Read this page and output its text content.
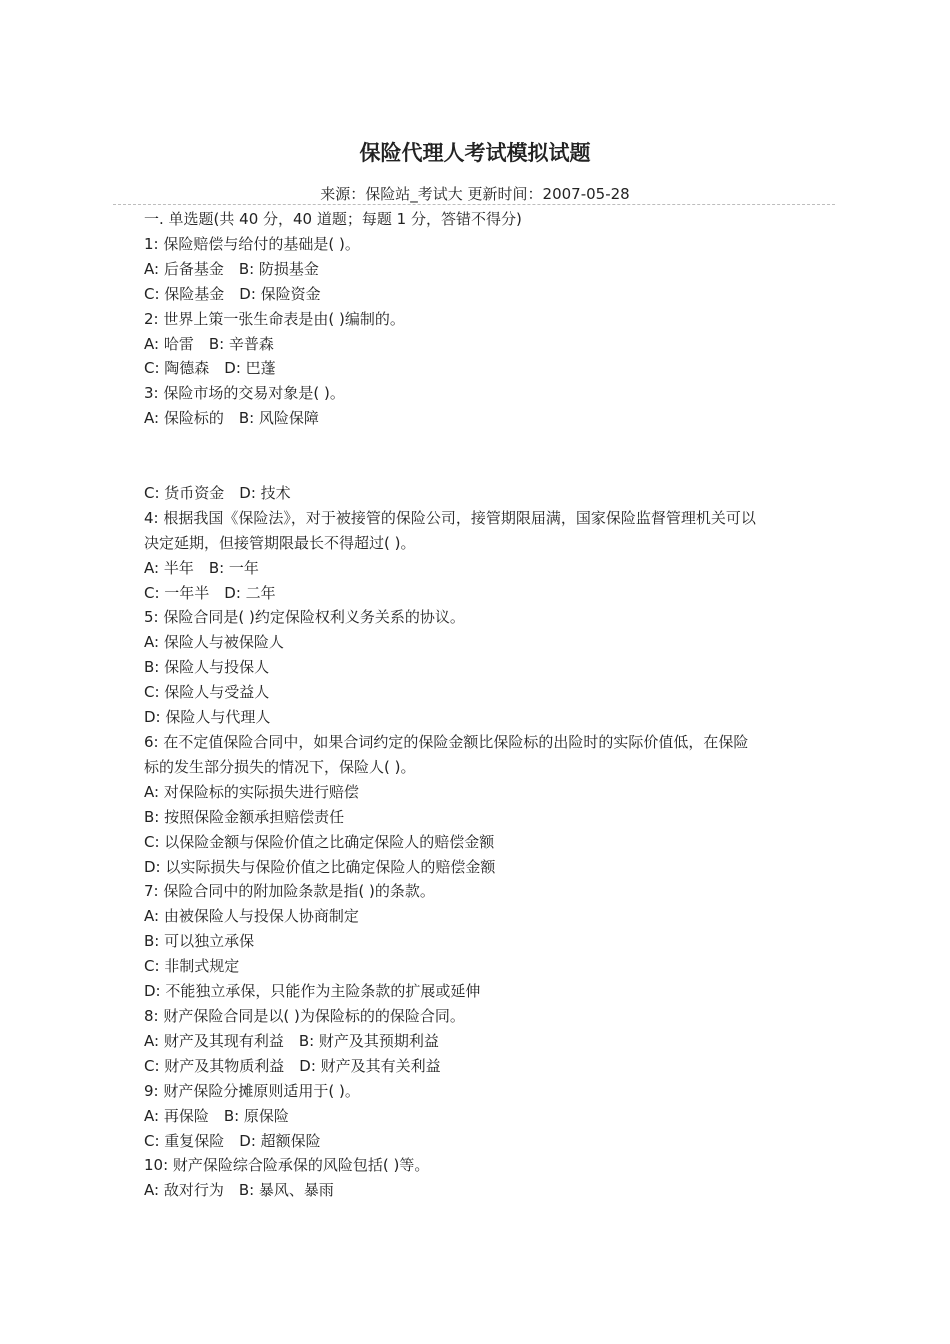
保险代理人考试模拟试题
来源：保险站_考试大 更新时间：2007-05-28

一. 单选题(共 40 分，40 道题；每题 1 分，答错不得分)

1: 保险赔偿与给付的基础是( )。

A: 后备基金　B: 防损基金

C: 保险基金　D: 保险资金

2: 世界上策一张生命表是由( )编制的。

A: 哈雷　B: 辛普森

C: 陶德森　D: 巴蓬

3: 保险市场的交易对象是( )。

A: 保险标的　B: 风险保障

C: 货币资金　D: 技术

4: 根据我国《保险法》，对于被接管的保险公司，接管期限届满，国家保险监督管理机关可以

决定延期，但接管期限最长不得超过( )。

A: 半年　B: 一年

C: 一年半　D: 二年

5: 保险合同是( )约定保险权利义务关系的协议。

A: 保险人与被保险人

B: 保险人与投保人

C: 保险人与受益人

D: 保险人与代理人

6: 在不定值保险合同中，如果合词约定的保险金额比保险标的出险时的实际价值低，在保险

标的发生部分损失的情况下，保险人( )。

A: 对保险标的实际损失进行赔偿

B: 按照保险金额承担赔偿责任

C: 以保险金额与保险价值之比确定保险人的赔偿金额

D: 以实际损失与保险价值之比确定保险人的赔偿金额

7: 保险合同中的附加险条款是指( )的条款。

A: 由被保险人与投保人协商制定

B: 可以独立承保

C: 非制式规定

D: 不能独立承保，只能作为主险条款的扩展或延伸

8: 财产保险合同是以( )为保险标的的保险合同。

A: 财产及其现有利益　B: 财产及其预期利益

C: 财产及其物质利益　D: 财产及其有关利益

9: 财产保险分摊原则适用于( )。

A: 再保险　B: 原保险

C: 重复保险　D: 超额保险

10: 财产保险综合险承保的风险包括( )等。

A: 敌对行为　B: 暴风、暴雨
